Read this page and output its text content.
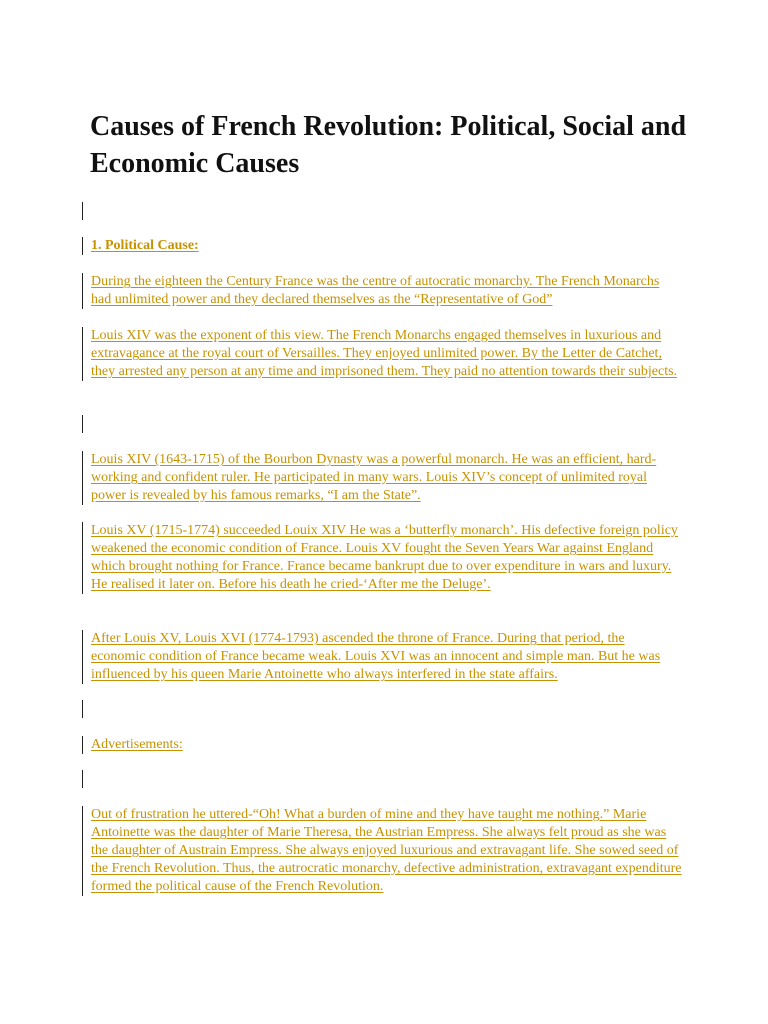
Causes of French Revolution: Political, Social and Economic Causes

1. Political Cause:

During the eighteen the Century France was the centre of autocratic monarchy. The French Monarchs had unlimited power and they declared themselves as the “Representative of God”

Louis XIV was the exponent of this view. The French Monarchs engaged themselves in luxurious and extravagance at the royal court of Versailles. They enjoyed unlimited power. By the Letter de Catchet, they arrested any person at any time and imprisoned them. They paid no attention towards their subjects.

Louis XIV (1643-1715) of the Bourbon Dynasty was a powerful monarch. He was an efficient, hard-working and confident ruler. He participated in many wars. Louis XIV’s concept of unlimited royal power is revealed by his famous remarks, “I am the State”.

Louis XV (1715-1774) succeeded Louix XIV He was a ‘butterfly monarch’. His defective foreign policy weakened the economic condition of France. Louis XV fought the Seven Years War against England which brought nothing for France. France became bankrupt due to over expenditure in wars and luxury. He realised it later on. Before his death he cried-‘After me the Deluge’.

After Louis XV, Louis XVI (1774-1793) ascended the throne of France. During that period, the economic condition of France became weak. Louis XVI was an innocent and simple man. But he was influenced by his queen Marie Antoinette who always interfered in the state affairs.

Advertisements:

Out of frustration he uttered-“Oh! What a burden of mine and they have taught me nothing.” Marie Antoinette was the daughter of Marie Theresa, the Austrian Empress. She always felt proud as she was the daughter of Austrain Empress. She always enjoyed luxurious and extravagant life. She sowed seed of the French Revolution. Thus, the autrocratic monarchy, defective administration, extravagant expenditure formed the political cause of the French Revolution.
